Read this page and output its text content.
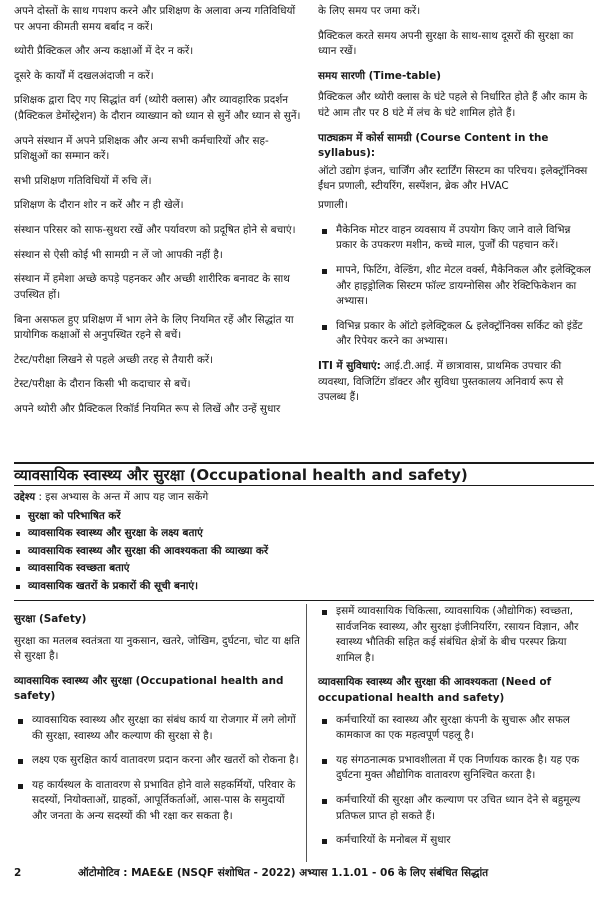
अपने दोस्तों के साथ गपशप करने और प्रशिक्षण के अलावा अन्य गतिविधियों पर अपना कीमती समय बर्बाद न करें।

थ्योरी प्रैक्टिकल और अन्य कक्षाओं में देर न करें।

दूसरे के कार्यों में दखलअंदाजी न करें।

प्रशिक्षक द्वारा दिए गए सिद्धांत वर्ग (थ्योरी क्लास) और व्यावहारिक प्रदर्शन (प्रैक्टिकल डेमोंस्ट्रेशन) के दौरान व्याख्यान को ध्यान से सुनें और ध्यान से सुनें।

अपने संस्थान में अपने प्रशिक्षक और अन्य सभी कर्मचारियों और सह-प्रशिक्षुओं का सम्मान करें।

सभी प्रशिक्षण गतिविधियों में रुचि लें।

प्रशिक्षण के दौरान शोर न करें और न ही खेलें।

संस्थान परिसर को साफ-सुथरा रखें और पर्यावरण को प्रदूषित होने से बचाएं।

संस्थान से ऐसी कोई भी सामग्री न लें जो आपकी नहीं है।

संस्थान में हमेशा अच्छे कपड़े पहनकर और अच्छी शारीरिक बनावट के साथ उपस्थित हों।

बिना असफल हुए प्रशिक्षण में भाग लेने के लिए नियमित रहें और सिद्धांत या प्रायोगिक कक्षाओं से अनुपस्थित रहने से बचें।

टेस्ट/परीक्षा लिखने से पहले अच्छी तरह से तैयारी करें।

टेस्ट/परीक्षा के दौरान किसी भी कदाचार से बचें।

अपने थ्योरी और प्रैक्टिकल रिकॉर्ड नियमित रूप से लिखें और उन्हें सुधार

के लिए समय पर जमा करें।

प्रैक्टिकल करते समय अपनी सुरक्षा के साथ-साथ दूसरों की सुरक्षा का ध्यान रखें।

समय सारणी (Time-table)

प्रैक्टिकल और थ्योरी क्लास के घंटे पहले से निर्धारित होते हैं और काम के घंटे आम तौर पर 8 घंटे में लंच के घंटे शामिल होते हैं।

पाठ्यक्रम में कोर्स सामग्री (Course Content in the syllabus):

ऑटो उद्योग इंजन, चार्जिंग और स्टार्टिंग सिस्टम का परिचय। इलेक्ट्रॉनिक्स ईंधन प्रणाली, स्टीयरिंग, सस्पेंशन, ब्रेक और HVAC

प्रणाली।

मैकेनिक मोटर वाहन व्यवसाय में उपयोग किए जाने वाले विभिन्न प्रकार के उपकरण मशीन, कच्चे माल, पुर्जों की पहचान करें।
मापने, फिटिंग, वेल्डिंग, शीट मेटल वर्क्स, मैकेनिकल और इलेक्ट्रिकल और हाइड्रोलिक सिस्टम फॉल्ट डायग्नोसिस और रेक्टिफिकेशन का अभ्यास।
विभिन्न प्रकार के ऑटो इलेक्ट्रिकल & इलेक्ट्रॉनिक्स सर्किट को इंडेंट और रिपेयर करने का अभ्यास।

ITI में सुविधाएं: आई.टी.आई. में छात्रावास, प्राथमिक उपचार की व्यवस्था, विजिटिंग डॉक्टर और सुविधा पुस्तकालय अनिवार्य रूप से उपलब्ध हैं।

व्यावसायिक स्वास्थ्य और सुरक्षा (Occupational health and safety)
उद्देश्य : इस अभ्यास के अन्त में आप यह जान सकेंगे
सुरक्षा को परिभाषित करें
व्यावसायिक स्वास्थ्य और सुरक्षा के लक्ष्य बताएं
व्यावसायिक स्वास्थ्य और सुरक्षा की आवश्यकता की व्याख्या करें
व्यावसायिक स्वच्छता बताएं
व्यावसायिक खतरों के प्रकारों की सूची बनाएं।
सुरक्षा (Safety)

सुरक्षा का मतलब स्वतंत्रता या नुकसान, खतरे, जोखिम, दुर्घटना, चोट या क्षति से सुरक्षा है।

व्यावसायिक स्वास्थ्य और सुरक्षा (Occupational health and safety)
व्यावसायिक स्वास्थ्य और सुरक्षा का संबंध कार्य या रोजगार में लगे लोगों की सुरक्षा, स्वास्थ्य और कल्याण की सुरक्षा से है।
लक्ष्य एक सुरक्षित कार्य वातावरण प्रदान करना और खतरों को रोकना है।
यह कार्यस्थल के वातावरण से प्रभावित होने वाले सहकर्मियों, परिवार के सदस्यों, नियोक्ताओं, ग्राहकों, आपूर्तिकर्ताओं, आस-पास के समुदायों और जनता के अन्य सदस्यों की भी रक्षा कर सकता है।
इसमें व्यावसायिक चिकित्सा, व्यावसायिक (औद्योगिक) स्वच्छता, सार्वजनिक स्वास्थ्य, और सुरक्षा इंजीनियरिंग, रसायन विज्ञान, और स्वास्थ्य भौतिकी सहित कई संबंधित क्षेत्रों के बीच परस्पर क्रिया शामिल है।
व्यावसायिक स्वास्थ्य और सुरक्षा की आवश्यकता (Need of occupational health and safety)
कर्मचारियों का स्वास्थ्य और सुरक्षा कंपनी के सुचारू और सफल कामकाज का एक महत्वपूर्ण पहलू है।
यह संगठनात्मक प्रभावशीलता में एक निर्णायक कारक है। यह एक दुर्घटना मुक्त औद्योगिक वातावरण सुनिश्चित करता है।
कर्मचारियों की सुरक्षा और कल्याण पर उचित ध्यान देने से बहुमूल्य प्रतिफल प्राप्त हो सकते हैं।
कर्मचारियों के मनोबल में सुधार
2	ऑटोमोटिव : MAE&E (NSQF संशोधित - 2022) अभ्यास 1.1.01 - 06 के लिए संबंधित सिद्धांत
